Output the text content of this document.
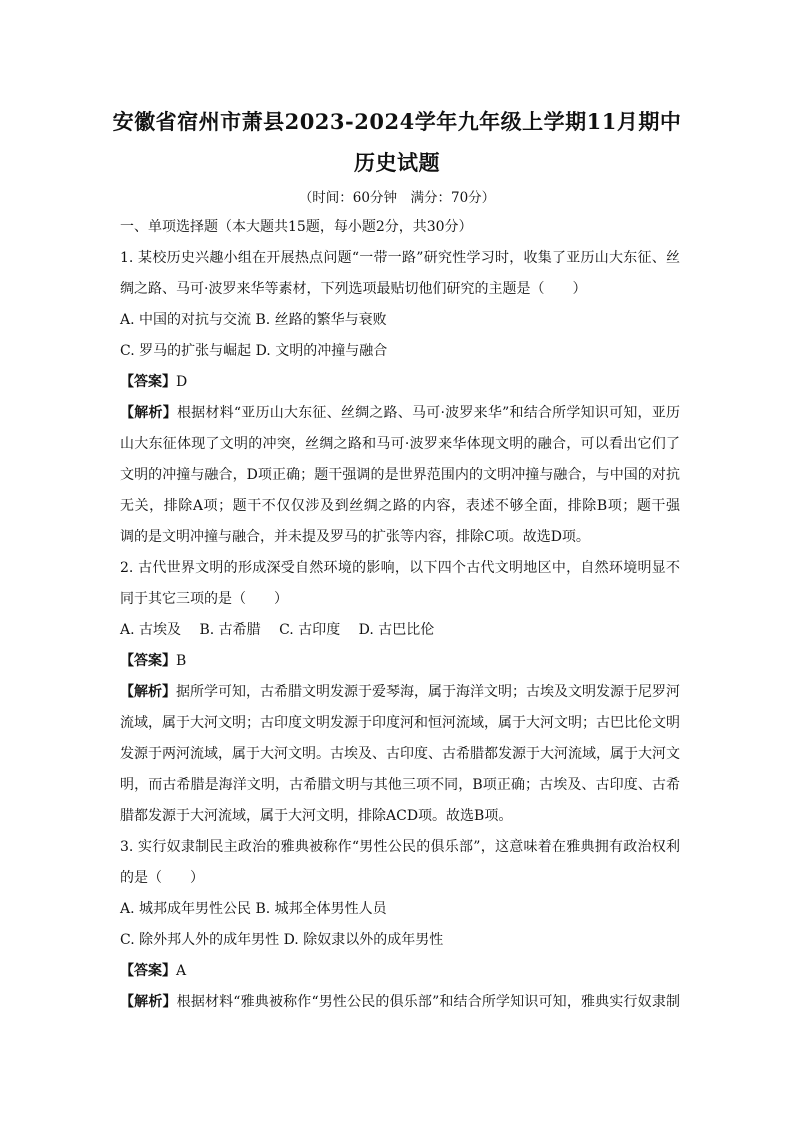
安徽省宿州市萧县2023-2024学年九年级上学期11月期中
历史试题
（时间：60分钟　满分：70分）
一、单项选择题（本大题共15题，每小题2分，共30分）
1. 某校历史兴趣小组在开展热点问题“一带一路”研究性学习时，收集了亚历山大东征、丝
绸之路、马可·波罗来华等素材，下列选项最贴切他们研究的主题是（　　）
A. 中国的对抗与交流 B. 丝路的繁华与衰败
C. 罗马的扩张与崛起 D. 文明的冲撞与融合
【答案】D
【解析】根据材料“亚历山大东征、丝绸之路、马可·波罗来华”和结合所学知识可知，亚历
山大东征体现了文明的冲突，丝绸之路和马可·波罗来华体现文明的融合，可以看出它们了
文明的冲撞与融合，D项正确；题干强调的是世界范围内的文明冲撞与融合，与中国的对抗
无关，排除A项；题干不仅仅涉及到丝绸之路的内容，表述不够全面，排除B项；题干强
调的是文明冲撞与融合，并未提及罗马的扩张等内容，排除C项。故选D项。
2. 古代世界文明的形成深受自然环境的影响，以下四个古代文明地区中，自然环境明显不
同于其它三项的是（　　）
A. 古埃及　 B. 古希腊　 C. 古印度　 D. 古巴比伦
【答案】B
【解析】据所学可知，古希腊文明发源于爱琴海，属于海洋文明；古埃及文明发源于尼罗河
流域，属于大河文明；古印度文明发源于印度河和恒河流域，属于大河文明；古巴比伦文明
发源于两河流域，属于大河文明。古埃及、古印度、古希腊都发源于大河流域，属于大河文
明，而古希腊是海洋文明，古希腊文明与其他三项不同，B项正确；古埃及、古印度、古希
腊都发源于大河流域，属于大河文明，排除ACD项。故选B项。
3. 实行奴隶制民主政治的雅典被称作“男性公民的俱乐部”，这意味着在雅典拥有政治权利
的是（　　）
A. 城邦成年男性公民 B. 城邦全体男性人员
C. 除外邦人外的成年男性 D. 除奴隶以外的成年男性
【答案】A
【解析】根据材料“雅典被称作“男性公民的俱乐部”和结合所学知识可知，雅典实行奴隶制
